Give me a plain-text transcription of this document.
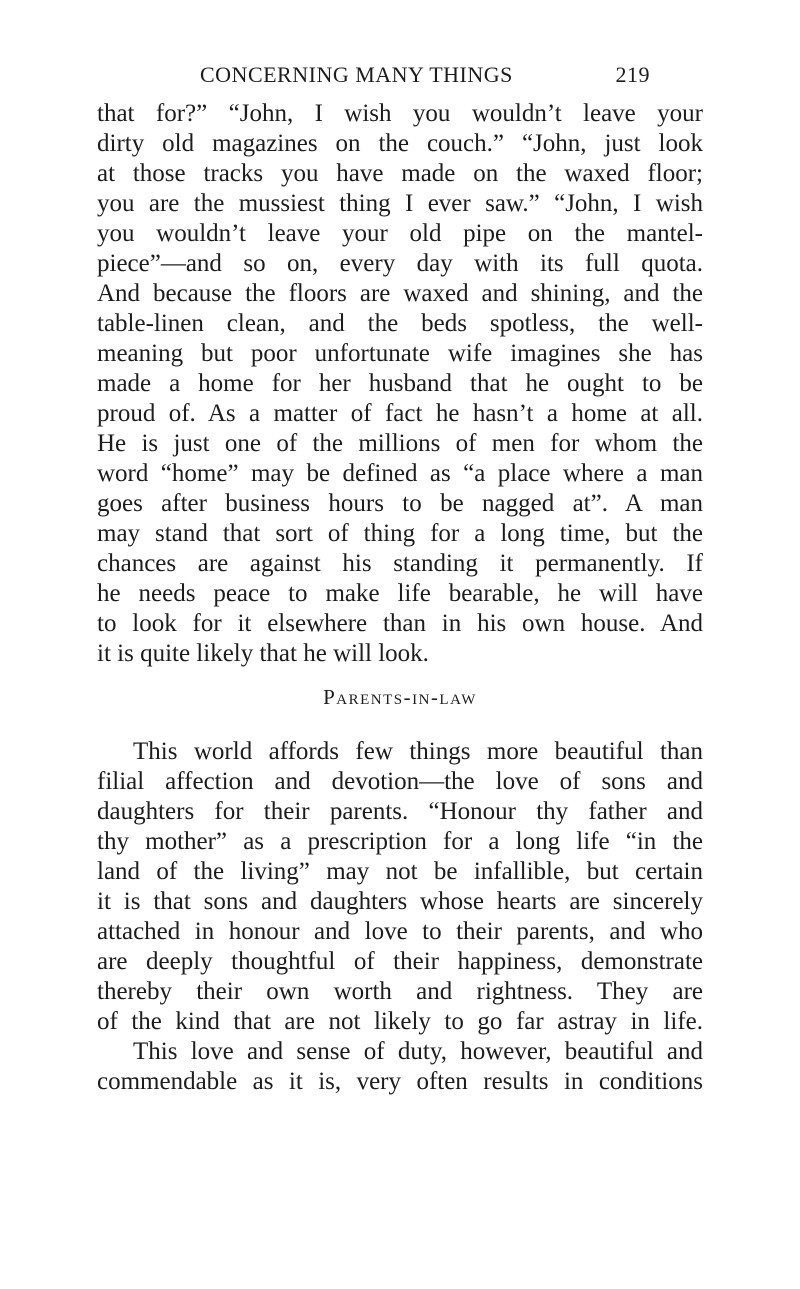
CONCERNING MANY THINGS	219
that for?” “John, I wish you wouldn’t leave your
dirty old magazines on the couch.” “John, just look
at those tracks you have made on the waxed floor;
you are the mussiest thing I ever saw.” “John, I wish
you wouldn’t leave your old pipe on the mantel-
piece”—and so on, every day with its full quota.
And because the floors are waxed and shining, and the
table-linen clean, and the beds spotless, the well-
meaning but poor unfortunate wife imagines she has
made a home for her husband that he ought to be
proud of. As a matter of fact he hasn’t a home at all.
He is just one of the millions of men for whom the
word “home” may be defined as “a place where a man
goes after business hours to be nagged at”. A man
may stand that sort of thing for a long time, but the
chances are against his standing it permanently. If
he needs peace to make life bearable, he will have
to look for it elsewhere than in his own house. And
it is quite likely that he will look.
Parents-in-law
This world affords few things more beautiful than
filial affection and devotion—the love of sons and
daughters for their parents. “Honour thy father and
thy mother” as a prescription for a long life “in the
land of the living” may not be infallible, but certain
it is that sons and daughters whose hearts are sincerely
attached in honour and love to their parents, and who
are deeply thoughtful of their happiness, demonstrate
thereby their own worth and rightness. They are
of the kind that are not likely to go far astray in life.
This love and sense of duty, however, beautiful and
commendable as it is, very often results in conditions
